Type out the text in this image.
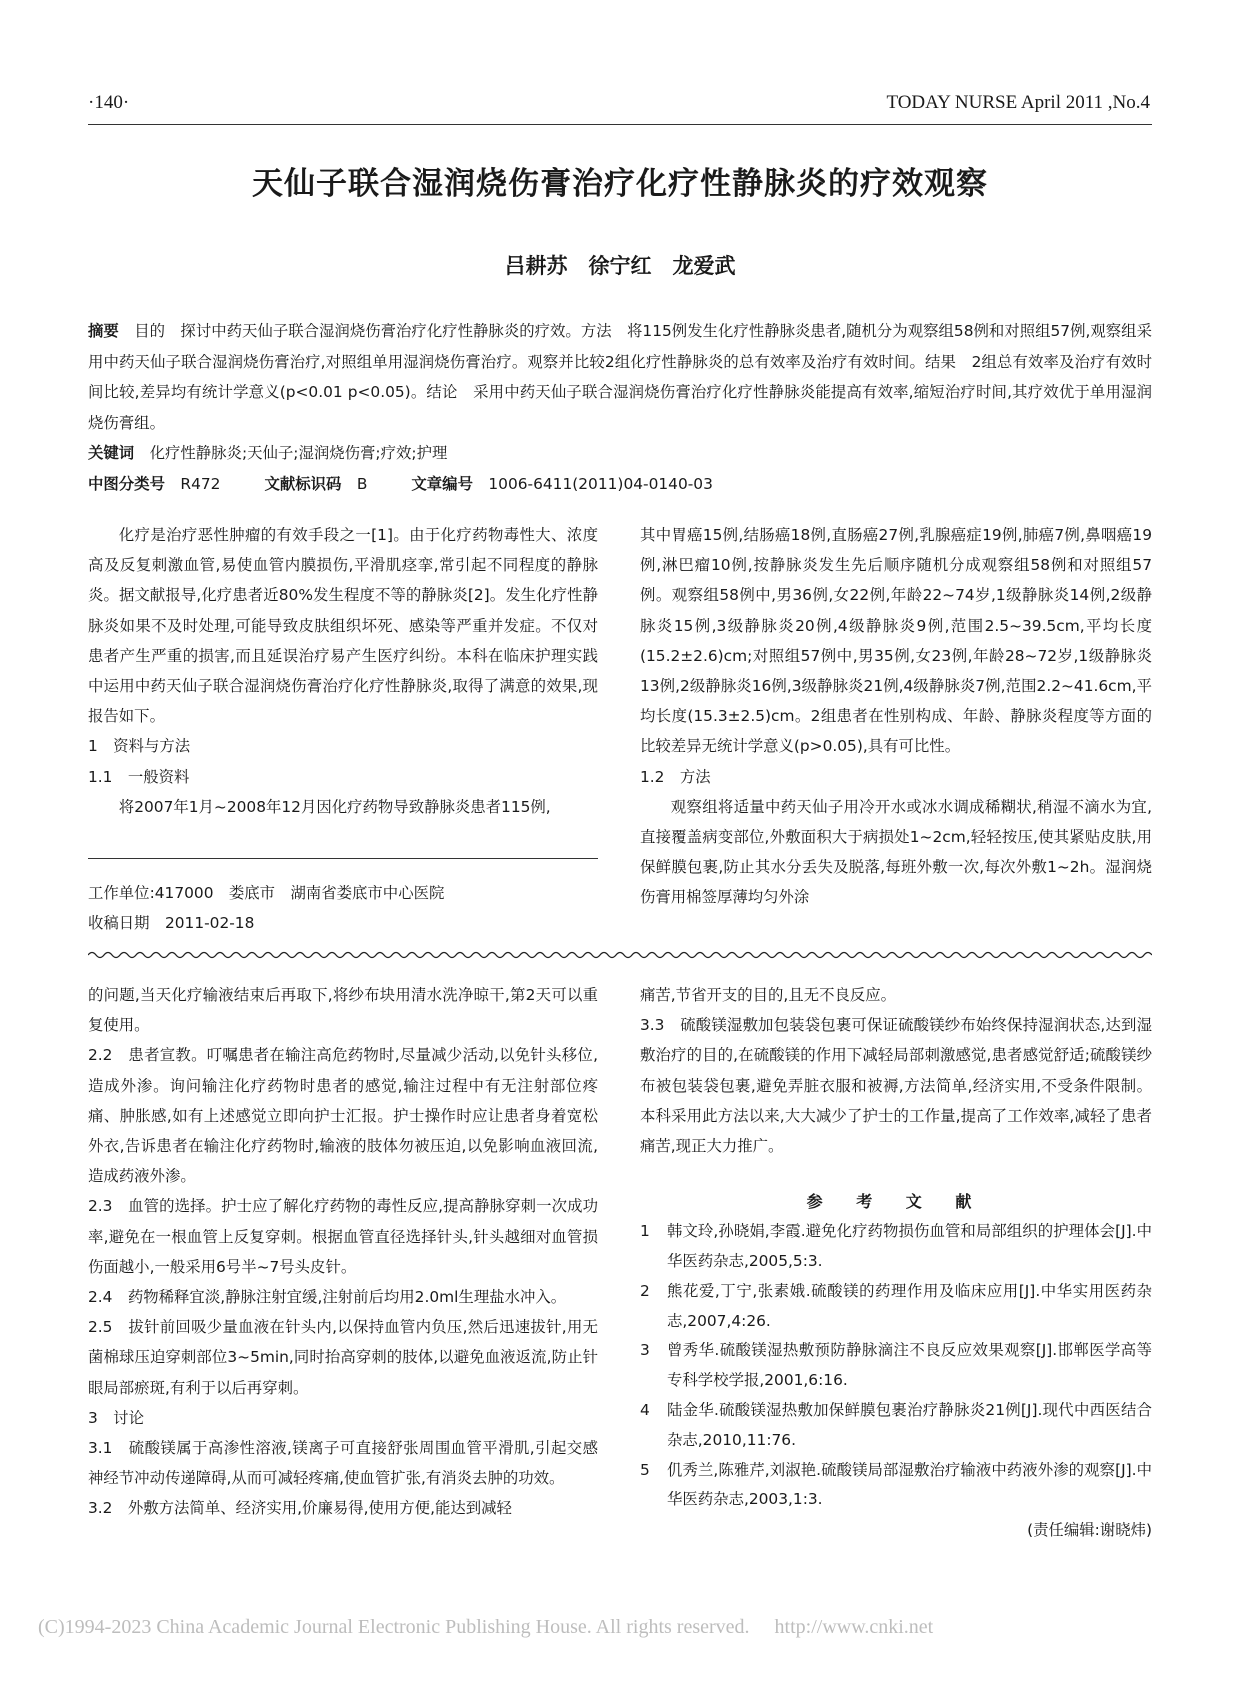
·140·	TODAY NURSE April 2011 ,No.4
天仙子联合湿润烧伤膏治疗化疗性静脉炎的疗效观察
吕耕苏　徐宁红　龙爱武

摘要　 目的　探讨中药天仙子联合湿润烧伤膏治疗化疗性静脉炎的疗效。方法　将115例发生化疗性静脉炎患者,随机分为观察组58例和对照组57例,观察组采用中药天仙子联合湿润烧伤膏治疗,对照组单用湿润烧伤膏治疗。观察并比较2组化疗性静脉炎的总有效率及治疗有效时间。结果　2组总有效率及治疗有效时间比较,差异均有统计学意义(p<0.01 p<0.05)。结论　采用中药天仙子联合湿润烧伤膏治疗化疗性静脉炎能提高有效率,缩短治疗时间,其疗效优于单用湿润烧伤膏组。

关键词　 化疗性静脉炎;天仙子;湿润烧伤膏;疗效;护理

中图分类号　 R472	文献标识码　 B	文章编号　 1006-6411(2011)04-0140-03

化疗是治疗恶性肿瘤的有效手段之一[1]。由于化疗药物毒性大、浓度高及反复刺激血管,易使血管内膜损伤,平滑肌痉挛,常引起不同程度的静脉炎。据文献报导,化疗患者近80%发生程度不等的静脉炎[2]。发生化疗性静脉炎如果不及时处理,可能导致皮肤组织坏死、感染等严重并发症。不仅对患者产生严重的损害,而且延误治疗易产生医疗纠纷。本科在临床护理实践中运用中药天仙子联合湿润烧伤膏治疗化疗性静脉炎,取得了满意的效果,现报告如下。

1　资料与方法

1.1　一般资料

将2007年1月~2008年12月因化疗药物导致静脉炎患者115例,

工作单位:417000　娄底市　湖南省娄底市中心医院

收稿日期　2011-02-18

其中胃癌15例,结肠癌18例,直肠癌27例,乳腺癌症19例,肺癌7例,鼻咽癌19例,淋巴瘤10例,按静脉炎发生先后顺序随机分成观察组58例和对照组57例。观察组58例中,男36例,女22例,年龄22~74岁,1级静脉炎14例,2级静脉炎15例,3级静脉炎20例,4级静脉炎9例,范围2.5~39.5cm,平均长度(15.2±2.6)cm;对照组57例中,男35例,女23例,年龄28~72岁,1级静脉炎13例,2级静脉炎16例,3级静脉炎21例,4级静脉炎7例,范围2.2~41.6cm,平均长度(15.3±2.5)cm。2组患者在性别构成、年龄、静脉炎程度等方面的比较差异无统计学意义(p>0.05),具有可比性。

1.2　方法

观察组将适量中药天仙子用冷开水或冰水调成稀糊状,稍湿不滴水为宜,直接覆盖病变部位,外敷面积大于病损处1~2cm,轻轻按压,使其紧贴皮肤,用保鲜膜包裹,防止其水分丢失及脱落,每班外敷一次,每次外敷1~2h。湿润烧伤膏用棉签厚薄均匀外涂

的问题,当天化疗输液结束后再取下,将纱布块用清水洗净晾干,第2天可以重复使用。

2.2　患者宣教。叮嘱患者在输注高危药物时,尽量减少活动,以免针头移位,造成外渗。询问输注化疗药物时患者的感觉,输注过程中有无注射部位疼痛、肿胀感,如有上述感觉立即向护士汇报。护士操作时应让患者身着宽松外衣,告诉患者在输注化疗药物时,输液的肢体勿被压迫,以免影响血液回流,造成药液外渗。

2.3　血管的选择。护士应了解化疗药物的毒性反应,提高静脉穿刺一次成功率,避免在一根血管上反复穿刺。根据血管直径选择针头,针头越细对血管损伤面越小,一般采用6号半~7号头皮针。

2.4　药物稀释宜淡,静脉注射宜缓,注射前后均用2.0ml生理盐水冲入。

2.5　拔针前回吸少量血液在针头内,以保持血管内负压,然后迅速拔针,用无菌棉球压迫穿刺部位3~5min,同时抬高穿刺的肢体,以避免血液返流,防止针眼局部瘀斑,有利于以后再穿刺。

3　讨论

3.1　硫酸镁属于高渗性溶液,镁离子可直接舒张周围血管平滑肌,引起交感神经节冲动传递障碍,从而可减轻疼痛,使血管扩张,有消炎去肿的功效。

3.2　外敷方法简单、经济实用,价廉易得,使用方便,能达到减轻

痛苦,节省开支的目的,且无不良反应。

3.3　硫酸镁湿敷加包装袋包裹可保证硫酸镁纱布始终保持湿润状态,达到湿敷治疗的目的,在硫酸镁的作用下减轻局部刺激感觉,患者感觉舒适;硫酸镁纱布被包装袋包裹,避免弄脏衣服和被褥,方法简单,经济实用,不受条件限制。本科采用此方法以来,大大减少了护士的工作量,提高了工作效率,减轻了患者痛苦,现正大力推广。

参 考 文 献

1	韩文玲,孙晓娟,李霞.避免化疗药物损伤血管和局部组织的护理体会[J].中华医药杂志,2005,5:3.
2	熊花爱,丁宁,张素娥.硫酸镁的药理作用及临床应用[J].中华实用医药杂志,2007,4:26.
3	曾秀华.硫酸镁湿热敷预防静脉滴注不良反应效果观察[J].邯郸医学高等专科学校学报,2001,6:16.
4	陆金华.硫酸镁湿热敷加保鲜膜包裹治疗静脉炎21例[J].现代中西医结合杂志,2010,11:76.
5	仉秀兰,陈雅芹,刘淑艳.硫酸镁局部湿敷治疗输液中药液外渗的观察[J].中华医药杂志,2003,1:3.

(责任编辑:谢晓炜)

(C)1994-2023 China Academic Journal Electronic Publishing House. All rights reserved.　 http://www.cnki.net
